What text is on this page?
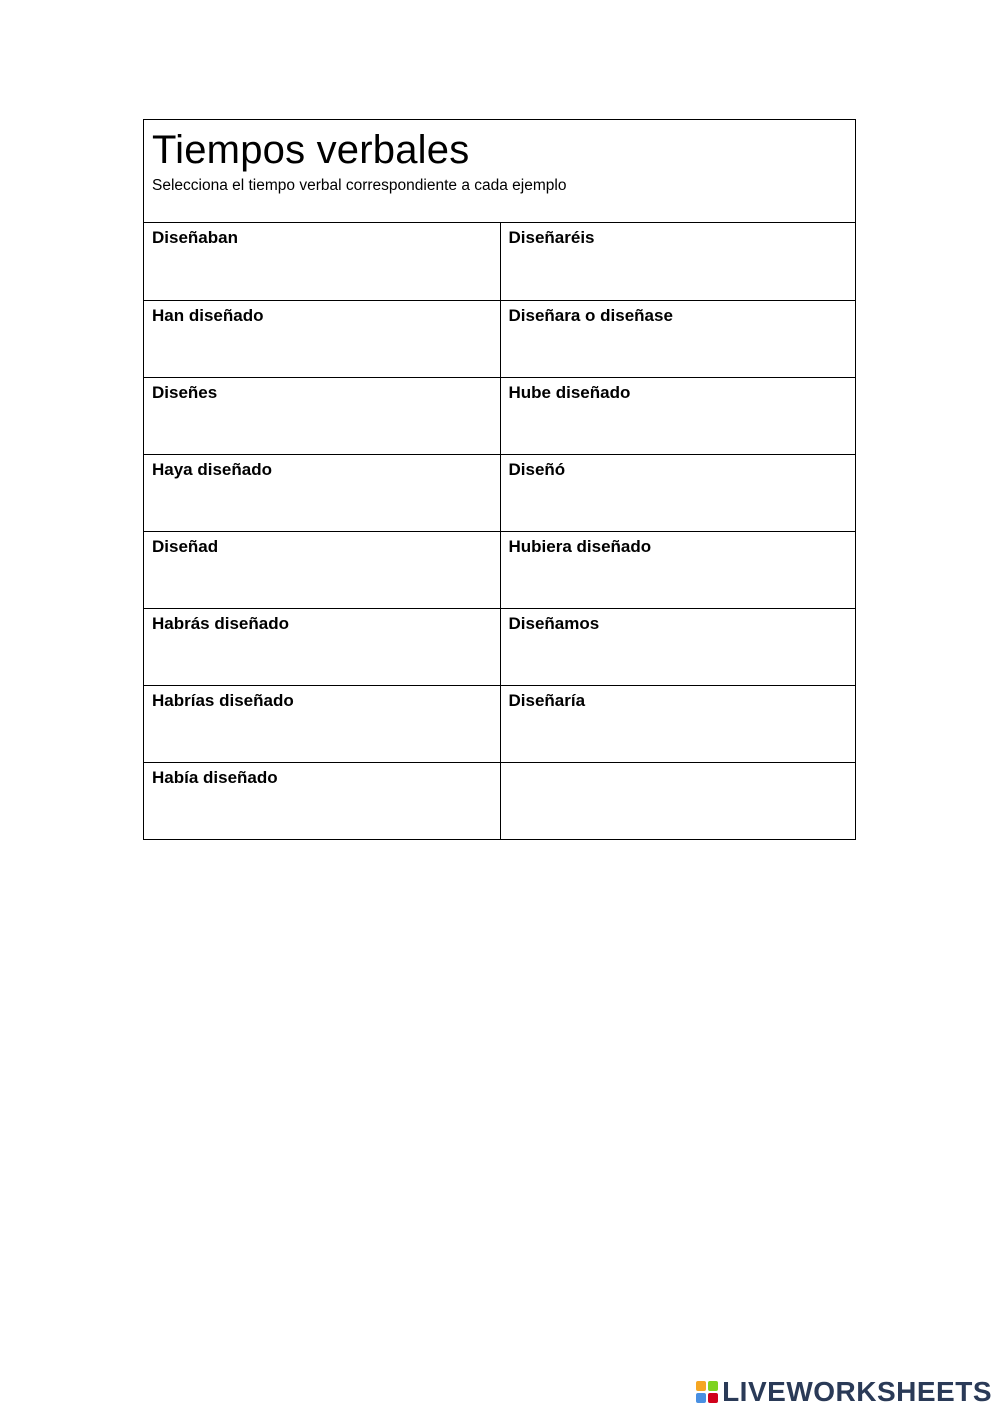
Tiempos verbales
Selecciona el tiempo verbal correspondiente a cada ejemplo
Diseñaban	Diseñaréis
Han diseñado	Diseñara o diseñase
Diseñes	Hube diseñado
Haya diseñado	Diseñó
Diseñad	Hubiera diseñado
Habrás diseñado	Diseñamos
Habrías diseñado	Diseñaría
Había diseñado	
LIVEWORKSHEETS
